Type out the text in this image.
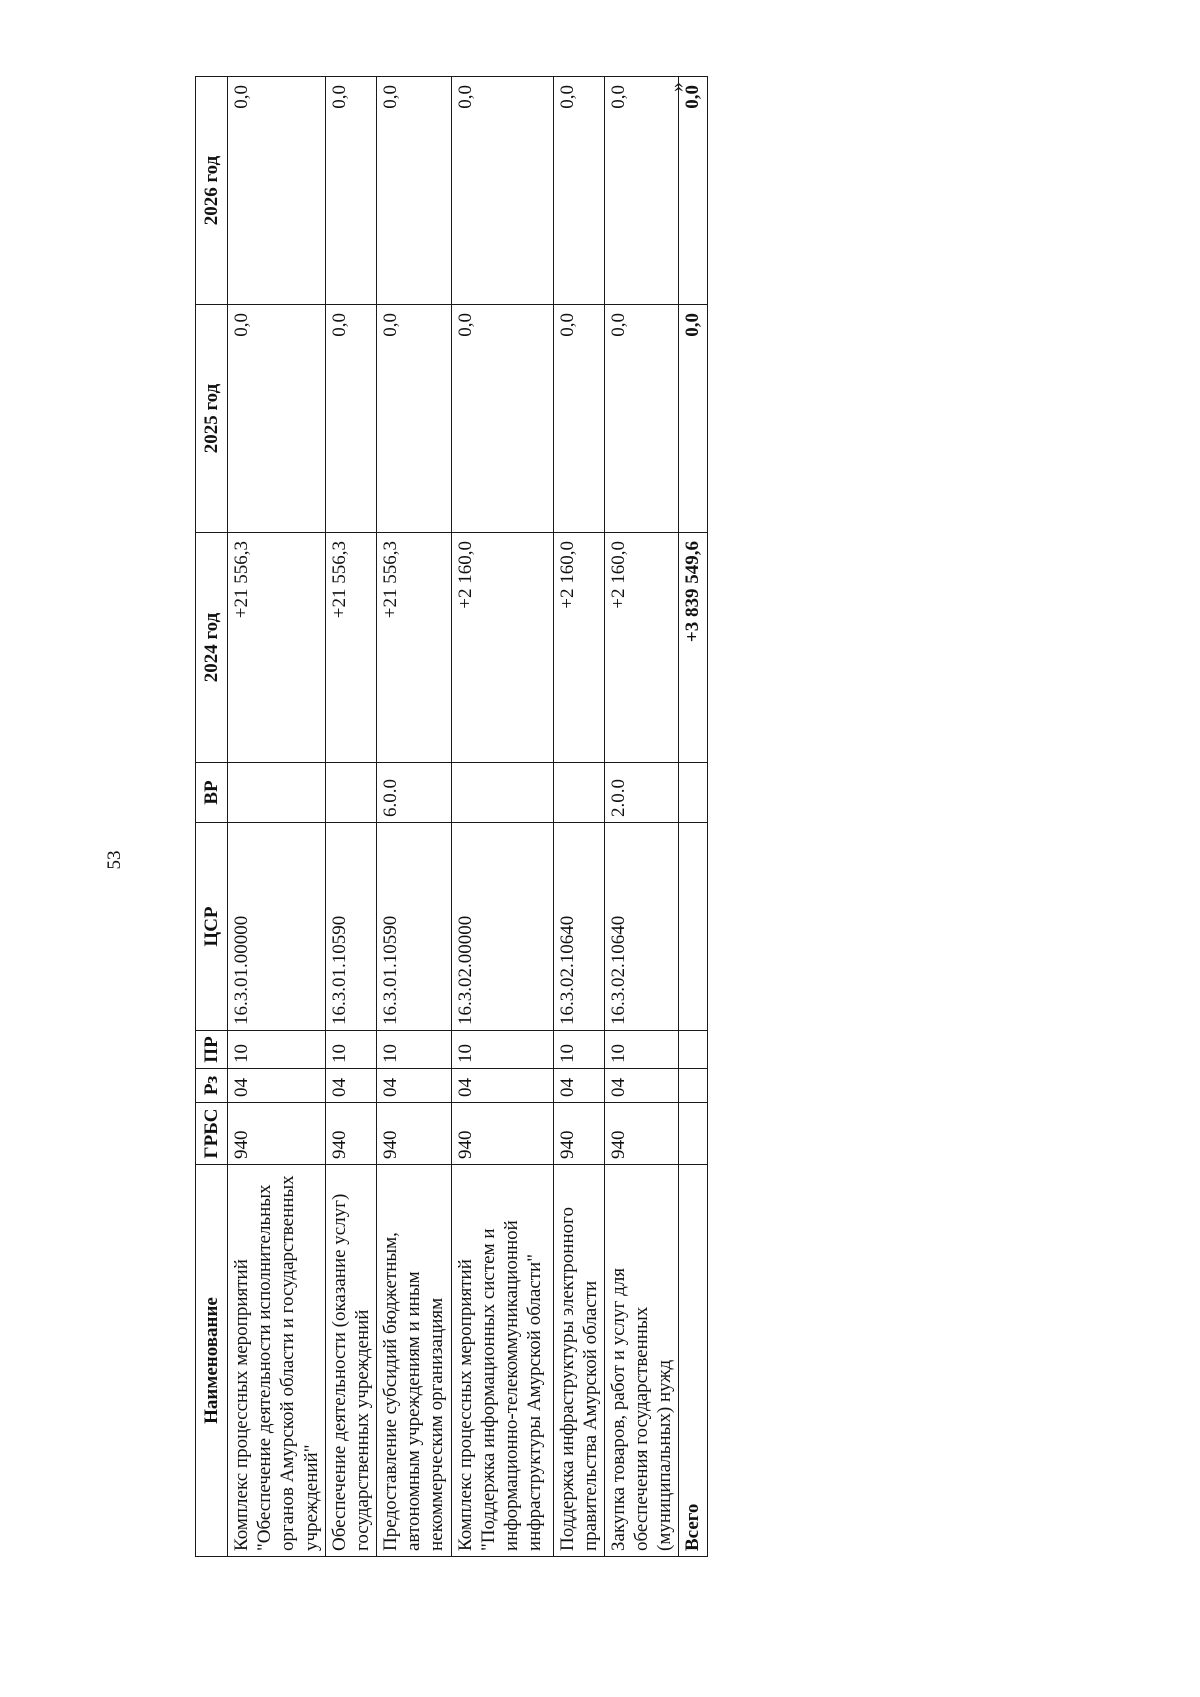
53
»
Наименование	ГРБС	Рз	ПР	ЦСР	ВР	2024 год	2025 год	2026 год
Комплекс процессных мероприятий "Обеспечение деятельности исполнительных органов Амурской области и государственных учреждений"	940	04	10	16.3.01.00000		+21 556,3	0,0	0,0
Обеспечение деятельности (оказание услуг) государственных учреждений	940	04	10	16.3.01.10590		+21 556,3	0,0	0,0
Предоставление субсидий бюджетным, автономным учреждениям и иным некоммерческим организациям	940	04	10	16.3.01.10590	6.0.0	+21 556,3	0,0	0,0
Комплекс процессных мероприятий "Поддержка информационных систем и информационно-телекоммуникационной инфраструктуры Амурской области"	940	04	10	16.3.02.00000		+2 160,0	0,0	0,0
Поддержка инфраструктуры электронного правительства Амурской области	940	04	10	16.3.02.10640		+2 160,0	0,0	0,0
Закупка товаров, работ и услуг для обеспечения государственных (муниципальных) нужд	940	04	10	16.3.02.10640	2.0.0	+2 160,0	0,0	0,0
Всего						+3 839 549,6	0,0	0,0
